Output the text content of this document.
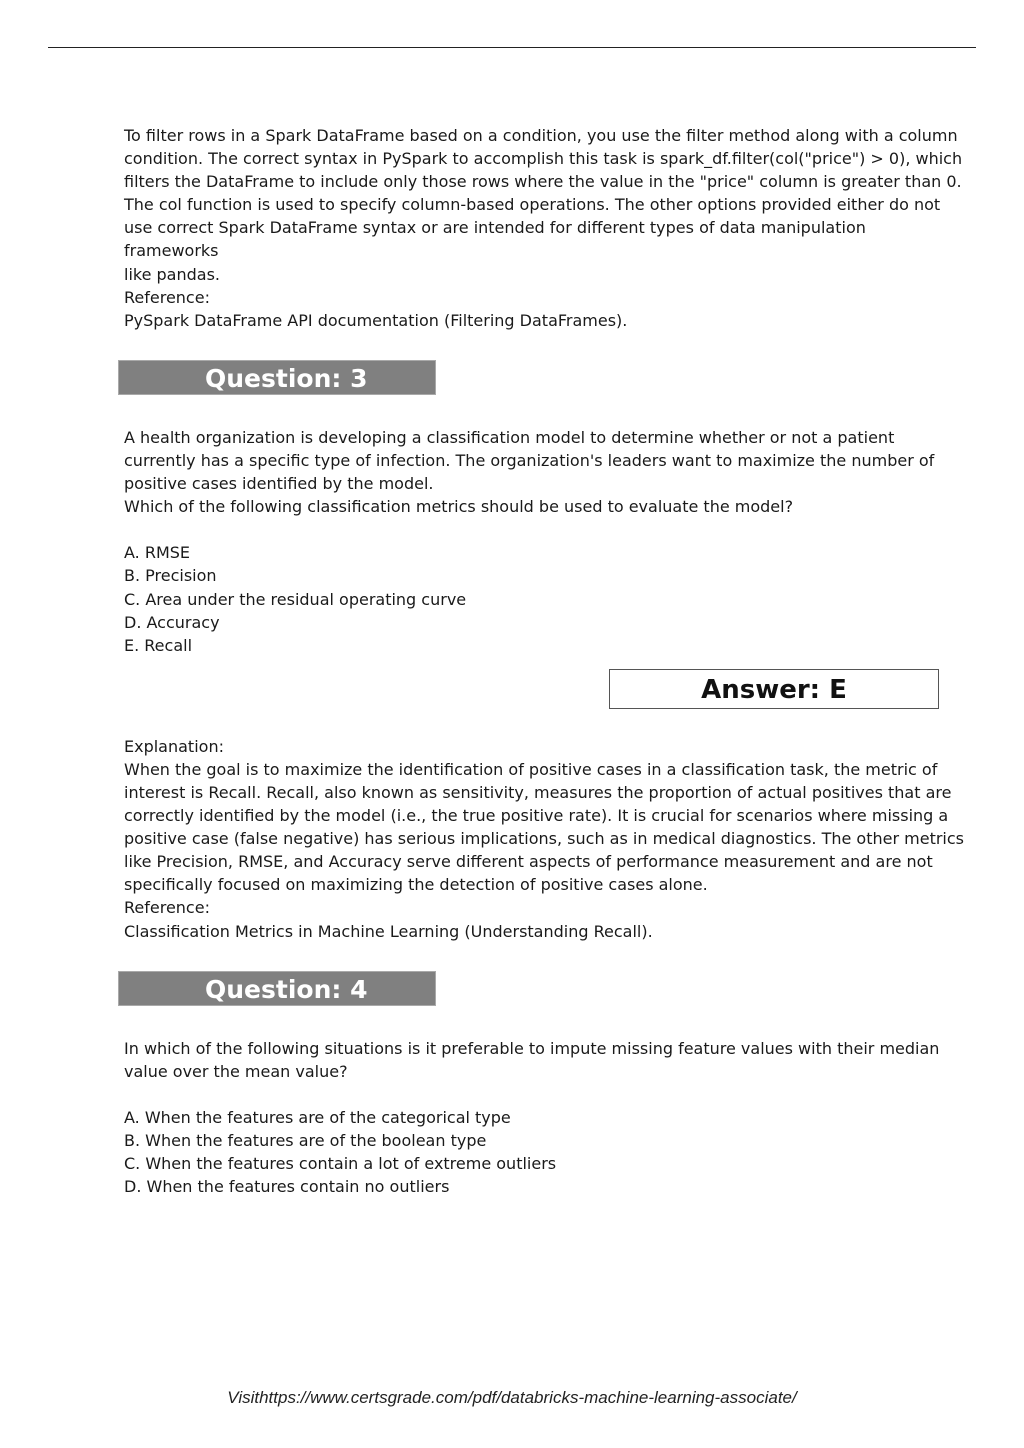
To filter rows in a Spark DataFrame based on a condition, you use the filter method along with a column
condition. The correct syntax in PySpark to accomplish this task is spark_df.filter(col("price") > 0), which
filters the DataFrame to include only those rows where the value in the "price" column is greater than 0.
The col function is used to specify column-based operations. The other options provided either do not
use correct Spark DataFrame syntax or are intended for different types of data manipulation
frameworks
like pandas.
Reference:
PySpark DataFrame API documentation (Filtering DataFrames).
Question: 3
A health organization is developing a classification model to determine whether or not a patient
currently has a specific type of infection. The organization's leaders want to maximize the number of
positive cases identified by the model.
Which of the following classification metrics should be used to evaluate the model?
A. RMSE
B. Precision
C. Area under the residual operating curve
D. Accuracy
E. Recall
Answer: E
Explanation:
When the goal is to maximize the identification of positive cases in a classification task, the metric of
interest is Recall. Recall, also known as sensitivity, measures the proportion of actual positives that are
correctly identified by the model (i.e., the true positive rate). It is crucial for scenarios where missing a
positive case (false negative) has serious implications, such as in medical diagnostics. The other metrics
like Precision, RMSE, and Accuracy serve different aspects of performance measurement and are not
specifically focused on maximizing the detection of positive cases alone.
Reference:
Classification Metrics in Machine Learning (Understanding Recall).
Question: 4
In which of the following situations is it preferable to impute missing feature values with their median
value over the mean value?
A. When the features are of the categorical type
B. When the features are of the boolean type
C. When the features contain a lot of extreme outliers
D. When the features contain no outliers
Visithttps://www.certsgrade.com/pdf/databricks-machine-learning-associate/
